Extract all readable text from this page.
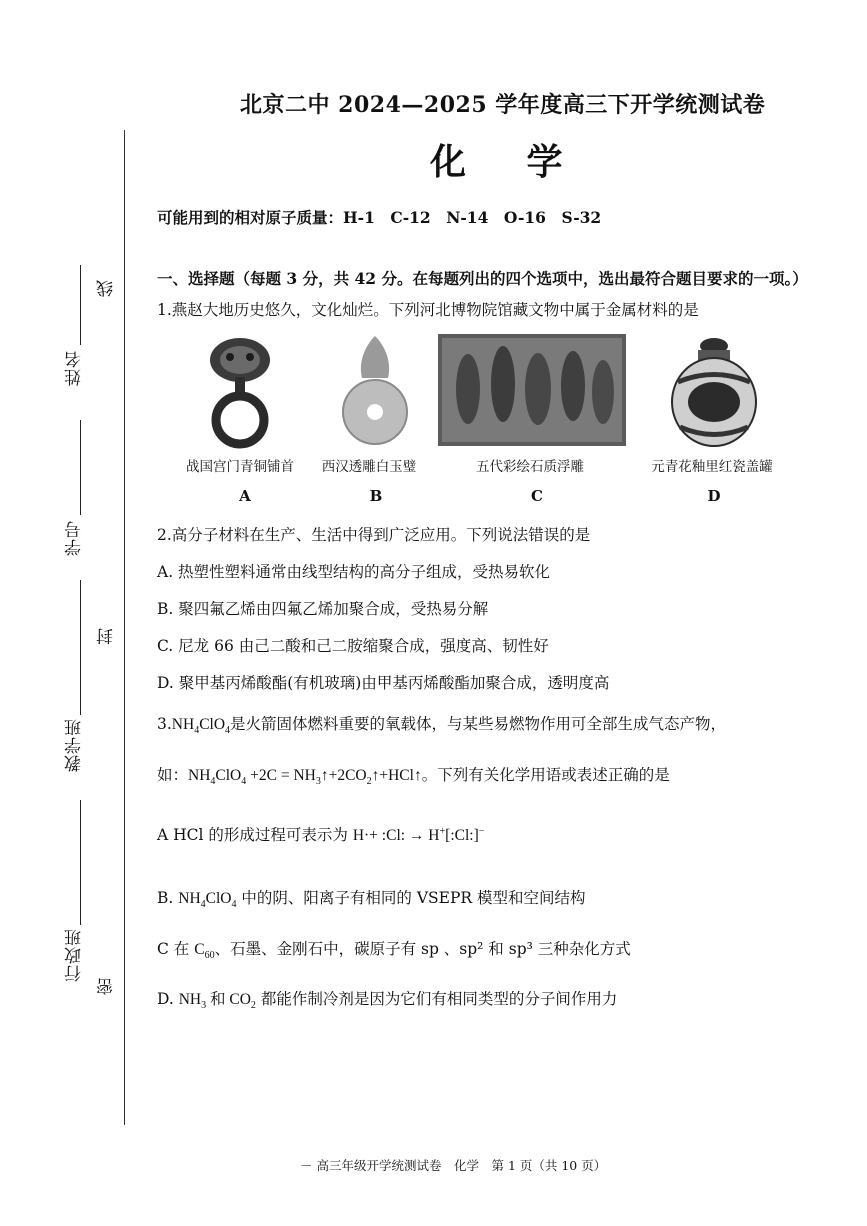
姓名
线
学号
封
教学班
行政班
密
北京二中 2024—2025 学年度高三下开学统测试卷
化 学
可能用到的相对原子质量：H-1　C-12　N-14　O-16　S-32
一、选择题（每题 3 分，共 42 分。在每题列出的四个选项中，选出最符合题目要求的一项。）
1.燕赵大地历史悠久，文化灿烂。下列河北博物院馆藏文物中属于金属材料的是
战国宫门青铜铺首	西汉透雕白玉璧	五代彩绘石质浮雕	元青花釉里红瓷盖罐
A	B	C	D
2.高分子材料在生产、生活中得到广泛应用。下列说法错误的是
A. 热塑性塑料通常由线型结构的高分子组成，受热易软化
B. 聚四氟乙烯由四氟乙烯加聚合成，受热易分解
C. 尼龙 66 由己二酸和己二胺缩聚合成，强度高、韧性好
D. 聚甲基丙烯酸酯(有机玻璃)由甲基丙烯酸酯加聚合成，透明度高
$3.NH_4ClO_4$是火箭固体燃料重要的氧载体，与某些易燃物作用可全部生成气态产物，
如：$NH_4ClO_4 +2C$ = $NH_3↑+2CO_2↑+HCl↑$。下列有关化学用语或表述正确的是
A HCl 的形成过程可表示为 H·+ :Cl: → H+[:Cl:]−
B. $NH_4ClO_4$ 中的阴、阳离子有相同的 VSEPR 模型和空间结构
C 在 $C_{60}$、石墨、金刚石中，碳原子有 sp 、sp² 和 sp³ 三种杂化方式
D. $NH_3$ 和 $CO_2$ 都能作制冷剂是因为它们有相同类型的分子间作用力
－ 高三年级开学统测试卷　化学　第 1 页（共 10 页）
